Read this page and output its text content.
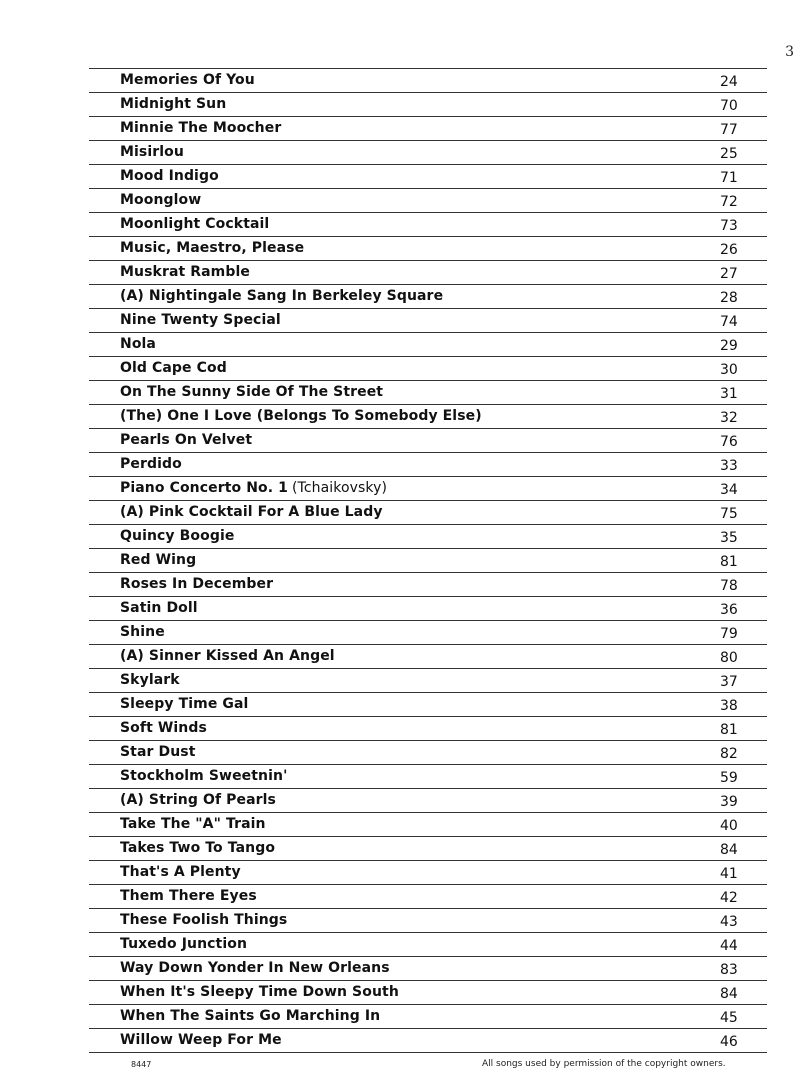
3
Memories Of You	24
Midnight Sun	70
Minnie The Moocher	77
Misirlou	25
Mood Indigo	71
Moonglow	72
Moonlight Cocktail	73
Music, Maestro, Please	26
Muskrat Ramble	27
(A) Nightingale Sang In Berkeley Square	28
Nine Twenty Special	74
Nola	29
Old Cape Cod	30
On The Sunny Side Of The Street	31
(The) One I Love (Belongs To Somebody Else)	32
Pearls On Velvet	76
Perdido	33
Piano Concerto No. 1 (Tchaikovsky)	34
(A) Pink Cocktail For A Blue Lady	75
Quincy Boogie	35
Red Wing	81
Roses In December	78
Satin Doll	36
Shine	79
(A) Sinner Kissed An Angel	80
Skylark	37
Sleepy Time Gal	38
Soft Winds	81
Star Dust	82
Stockholm Sweetnin'	59
(A) String Of Pearls	39
Take The "A" Train	40
Takes Two To Tango	84
That's A Plenty	41
Them There Eyes	42
These Foolish Things	43
Tuxedo Junction	44
Way Down Yonder In New Orleans	83
When It's Sleepy Time Down South	84
When The Saints Go Marching In	45
Willow Weep For Me	46
8447	All songs used by permission of the copyright owners.
